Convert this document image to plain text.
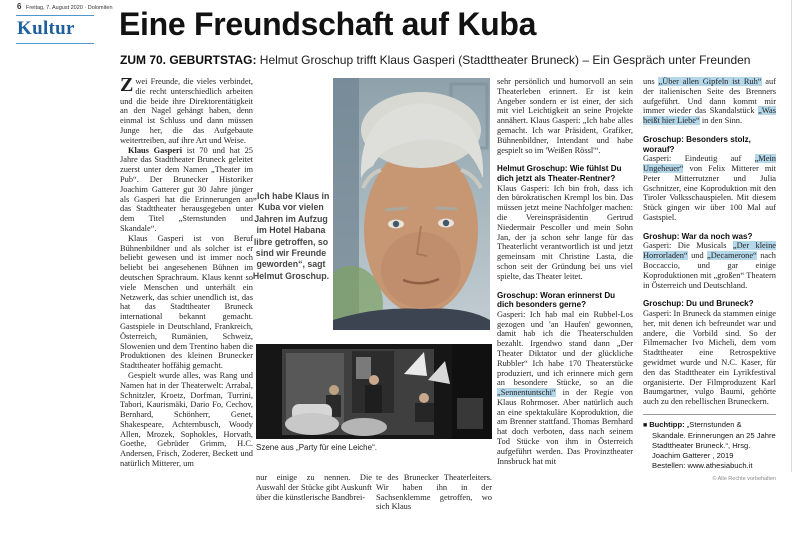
6 Freitag, 7. August 2020 · Dolomiten
Kultur Eine Freundschaft auf Kuba
ZUM 70. GEBURTSTAG: Helmut Groschup trifft Klaus Gasperi (Stadttheater Bruneck) – Ein Gespräch unter Freunden

Zwei Freunde, die vieles verbindet, die recht unterschiedlich arbeiten und die beide ihre Direktorentätigkeit an den Nagel gehängt haben, denn einmal ist Schluss und dann müssen Junge her, die das Aufgebaute weitertreiben, auf ihre Art und Weise.

Klaus Gasperi ist 70 und hat 25 Jahre das Stadttheater Bruneck geleitet zuerst unter dem Namen „Theater im Pub“. Der Brunecker Historiker Joachim Gatterer gut 30 Jahre jünger als Gasperi hat die Erinnerungen an das Stadttheater herausgegeben unter dem Titel „Sternstunden und Skandale“.

Klaus Gasperi ist von Beruf Bühnenbildner und als solcher ist er beliebt gewesen und ist immer noch beliebt bei angesehenen Bühnen im deutschen Sprachraum. Klaus kennt so viele Menschen und unterhält ein Netzwerk, das schier unendlich ist, das hat das Stadttheater Bruneck international bekannt gemacht. Gastspiele in Deutschland, Frankreich, Österreich, Rumänien, Schweiz, Slowenien und dem Trentino haben die Produktionen des kleinen Brunecker Stadttheater hoffähig gemacht.

Gespielt wurde alles, was Rang und Namen hat in der Theaterwelt: Arrabal, Schnitzler, Kroetz, Dorfman, Turrini, Tabori, Kaurismäki, Dario Fo, Cechov, Bernhard, Schönherr, Genet, Shakespeare, Achternbusch, Woody Allen, Mrozek, Sophokles, Horvath, Goethe, Gebrüder Grimm, H.C. Andersen, Frisch, Zoderer, Beckett und natürlich Mitterer, um

„Ich habe Klaus in Kuba vor vielen Jahren im Aufzug im Hotel Habana libre getroffen, so sind wir Freunde geworden“, sagt Helmut Groschup.
Szene aus „Party für eine Leiche“.
nur einige zu nennen. Die Auswahl der Stücke gibt Auskunft über die künstlerische Bandbrei-
te des Brunecker Theaterleiters. Wir haben ihn in der Sachsenklemme getroffen, wo sich Klaus

sehr persönlich und humorvoll an sein Theaterleben erinnert. Er ist kein Angeber sondern er ist einer, der sich mit viel Leichtigkeit an seine Projekte annähert. Klaus Gasperi: „Ich habe alles gemacht. Ich war Präsident, Grafiker, Bühnenbildner, Intendant und habe gespielt so im 'Weißen Rössl'“.

Helmut Groschup: Wie fühlst Du dich jetzt als Theater-Rentner?

Klaus Gasperi: Ich bin froh, dass ich den bürokratischen Krempl los bin. Das müssen jetzt meine Nachfolger machen: die Vereinspräsidentin Gertrud Niedermair Pescoller und mein Sohn Jan, der ja schon sehr lange für das Theaterlicht verantwortlich ist und jetzt gemeinsam mit Christine Lasta, die schon seit der Gründung bei uns viel spielte, das Theater leitet.

Groschup: Woran erinnerst Du dich besonders gerne?

Gasperi: Ich hab mal ein Rubbel-Los gezogen und 'an Haufen' gewonnen, damit hab ich die Theaterschulden bezahlt. Irgendwo stand dann „Der Theater Diktator und der glückliche Rubbler“ Ich habe 170 Theaterstücke produziert, und ich erinnere mich gern an besondere Stücke, so an die „Sennentuntschi“ in der Regie von Klaus Rohrmoser. Aber natürlich auch an eine spektakuläre Koproduktion, die am Brenner stattfand. Thomas Bernhard hat doch verboten, dass nach seinem Tod Stücke von ihm in Österreich aufgeführt werden. Das Provinztheater Innsbruck hat mit

uns „Über allen Gipfeln ist Ruh“ auf der italienischen Seite des Brenners aufgeführt. Und dann kommt mir immer wieder das Skandalstück „Was heißt hier Liebe“ in den Sinn.

Groschup: Besonders stolz, worauf?

Gasperi: Eindeutig auf „Mein Ungeheuer“ von Felix Mitterer mit Peter Mitterrutzner und Julia Gschnitzer, eine Koproduktion mit den Tiroler Volksschauspielen. Mit diesem Stück gingen wir über 100 Mal auf Gastspiel.

Groshup: War da noch was?

Gasperi: Die Musicals „Der kleine Horrorladen“ und „Decamerone“ nach Boccaccio, und gar einige Koproduktionen mit „großen“ Theatern in Österreich und Deutschland.

Groschup: Du und Bruneck?

Gasperi: In Bruneck da stammen einige her, mit denen ich befreundet war und andere, die Vorbild sind. So der Filmemacher Ivo Micheli, dem vom Stadttheater eine Retrospektive gewidmet wurde und N.C. Kaser, für den das Stadttheater ein Lyrikfestival organisierte. Der Filmproduzent Karl Baumgartner, vulgo Baumi, gehörte auch zu den rebellischen Bruneckern.

■ Buchtipp: „Sternstunden & Skandale. Erinnerungen an 25 Jahre Stadttheater Bruneck.“, Hrsg. Joachim Gatterer , 2019

Bestellen: www.athesiabuch.it

© Alle Rechte vorbehalten
